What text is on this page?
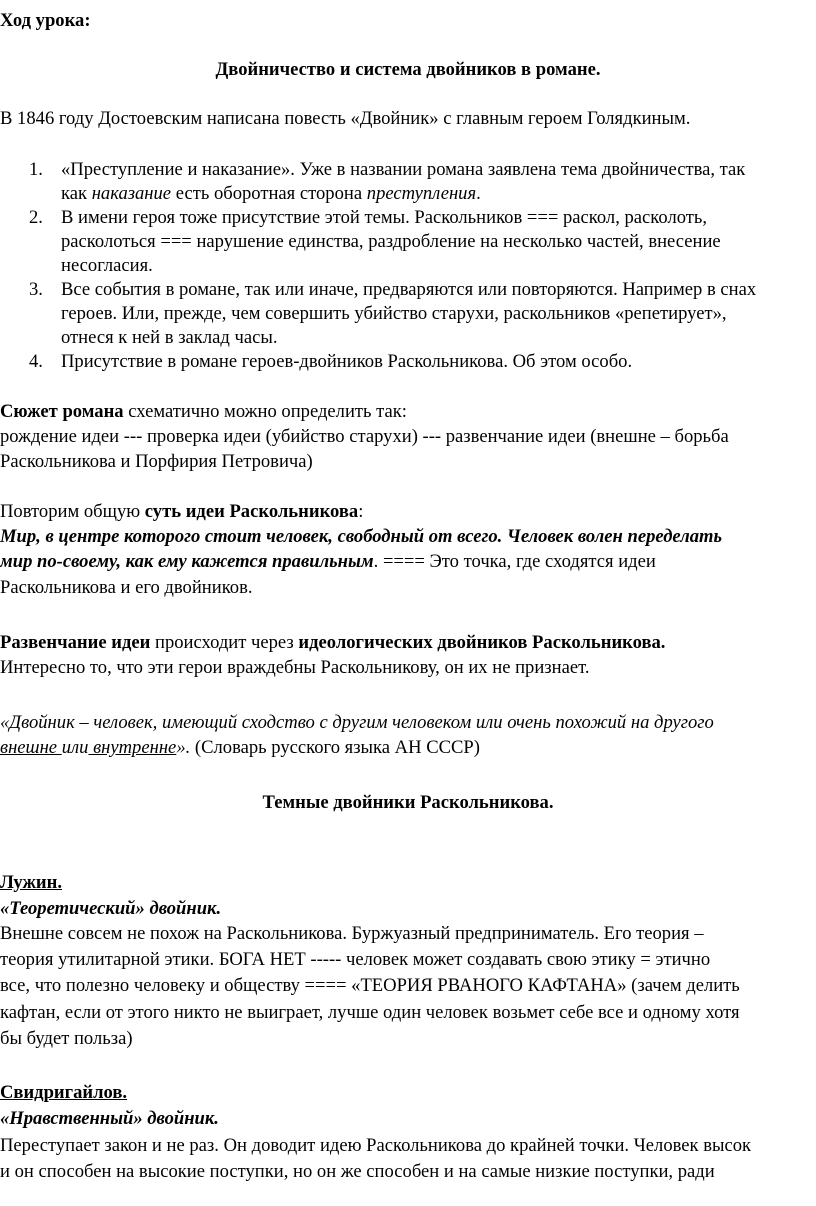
Ход урока:
Двойничество и система двойников в романе.
В 1846 году Достоевским написана повесть «Двойник» с главным героем Голядкиным.
1. «Преступление и наказание». Уже в названии романа заявлена тема двойничества, так
как наказание есть оборотная сторона преступления.
2. В имени героя тоже присутствие этой темы. Раскольников === раскол, расколоть,
расколоться === нарушение единства, раздробление на несколько частей, внесение
несогласия.
3. Все события в романе, так или иначе, предваряются или повторяются. Например в снах
героев. Или, прежде, чем совершить убийство старухи, раскольников «репетирует»,
отнеся к ней в заклад часы.
4. Присутствие в романе героев-двойников Раскольникова. Об этом особо.
Сюжет романа схематично можно определить так:
рождение идеи --- проверка идеи (убийство старухи) --- развенчание идеи (внешне – борьба
Раскольникова и Порфирия Петровича)
Повторим общую суть идеи Раскольникова:
Мир, в центре которого стоит человек, свободный от всего. Человек волен переделать
мир по-своему, как ему кажется правильным. ==== Это точка, где сходятся идеи
Раскольникова и его двойников.
Развенчание идеи происходит через идеологических двойников Раскольникова.
Интересно то, что эти герои враждебны Раскольникову, он их не признает.
«Двойник – человек, имеющий сходство с другим человеком или очень похожий на другого
внешне или внутренне». (Словарь русского языка АН СССР)
Темные двойники Раскольникова.
Лужин.
«Теоретический» двойник.
Внешне совсем не похож на Раскольникова. Буржуазный предприниматель. Его теория –
теория утилитарной этики. БОГА НЕТ ----- человек может создавать свою этику = этично
все, что полезно человеку и обществу ==== «ТЕОРИЯ РВАНОГО КАФТАНА» (зачем делить
кафтан, если от этого никто не выиграет, лучше один человек возьмет себе все и одному хотя
бы будет польза)
Свидригайлов.
«Нравственный» двойник.
Переступает закон и не раз. Он доводит идею Раскольникова до крайней точки. Человек высок
и он способен на высокие поступки, но он же способен и на самые низкие поступки, ради
